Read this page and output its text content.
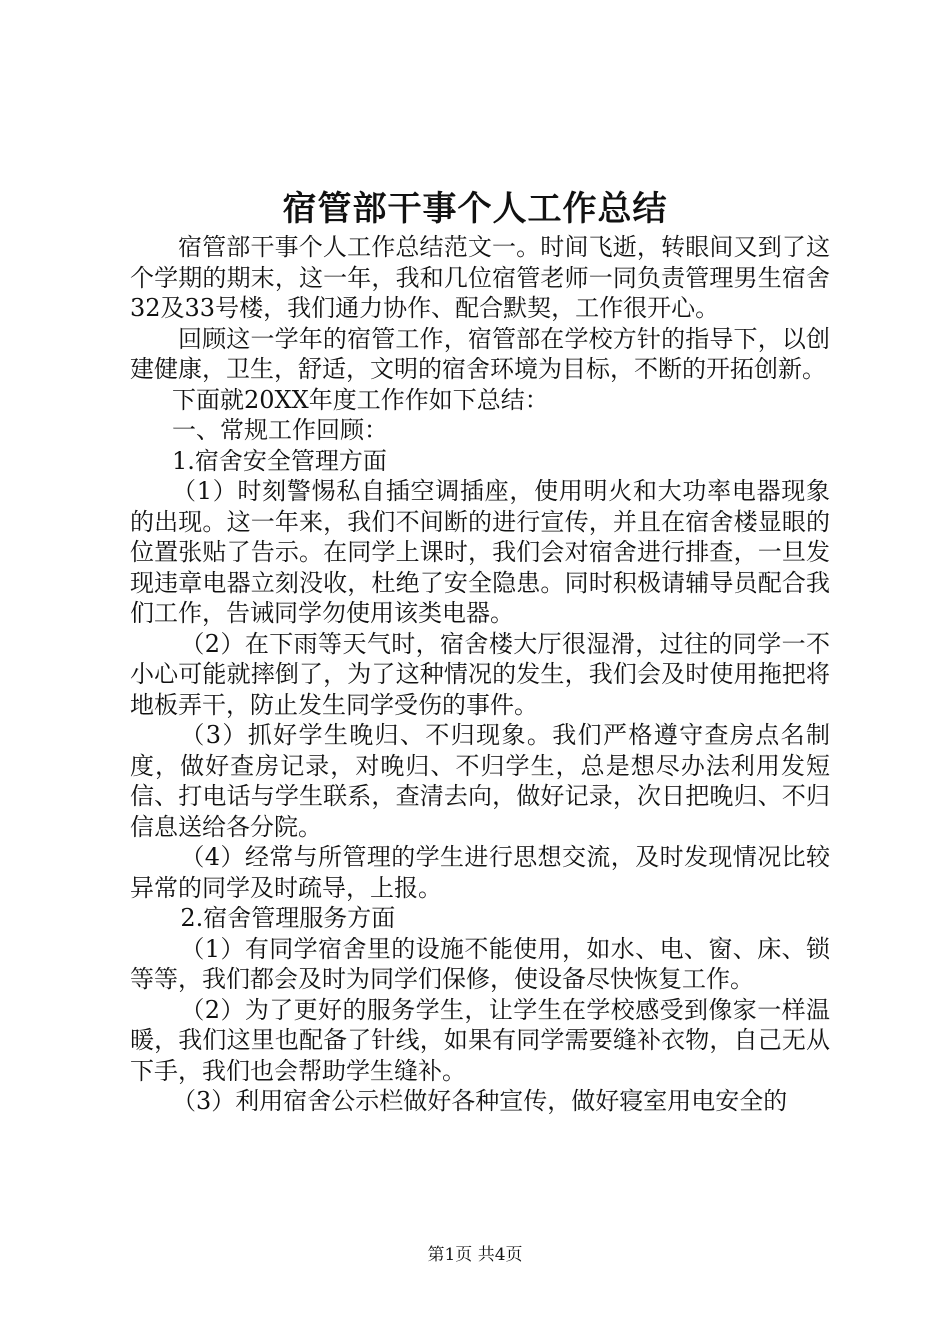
宿管部干事个人工作总结

宿管部干事个人工作总结范文一。时间飞逝，转眼间又到了这个学期的期末，这一年，我和几位宿管老师一同负责管理男生宿舍32及33号楼，我们通力协作、配合默契，工作很开心。

回顾这一学年的宿管工作，宿管部在学校方针的指导下，以创建健康，卫生，舒适，文明的宿舍环境为目标，不断的开拓创新。

下面就20XX年度工作作如下总结：

一、常规工作回顾：

1.宿舍安全管理方面

（1）时刻警惕私自插空调插座，使用明火和大功率电器现象的出现。这一年来，我们不间断的进行宣传，并且在宿舍楼显眼的位置张贴了告示。在同学上课时，我们会对宿舍进行排查，一旦发现违章电器立刻没收，杜绝了安全隐患。同时积极请辅导员配合我们工作，告诫同学勿使用该类电器。

（2）在下雨等天气时，宿舍楼大厅很湿滑，过往的同学一不小心可能就摔倒了，为了这种情况的发生，我们会及时使用拖把将地板弄干，防止发生同学受伤的事件。

（3）抓好学生晚归、不归现象。我们严格遵守查房点名制度，做好查房记录，对晚归、不归学生，总是想尽办法利用发短信、打电话与学生联系，查清去向，做好记录，次日把晚归、不归信息送给各分院。

（4）经常与所管理的学生进行思想交流，及时发现情况比较异常的同学及时疏导，上报。

2.宿舍管理服务方面

（1）有同学宿舍里的设施不能使用，如水、电、窗、床、锁等等，我们都会及时为同学们保修，使设备尽快恢复工作。

（2）为了更好的服务学生，让学生在学校感受到像家一样温暖，我们这里也配备了针线，如果有同学需要缝补衣物，自己无从下手，我们也会帮助学生缝补。

（3）利用宿舍公示栏做好各种宣传，做好寝室用电安全的

第1页 共4页
